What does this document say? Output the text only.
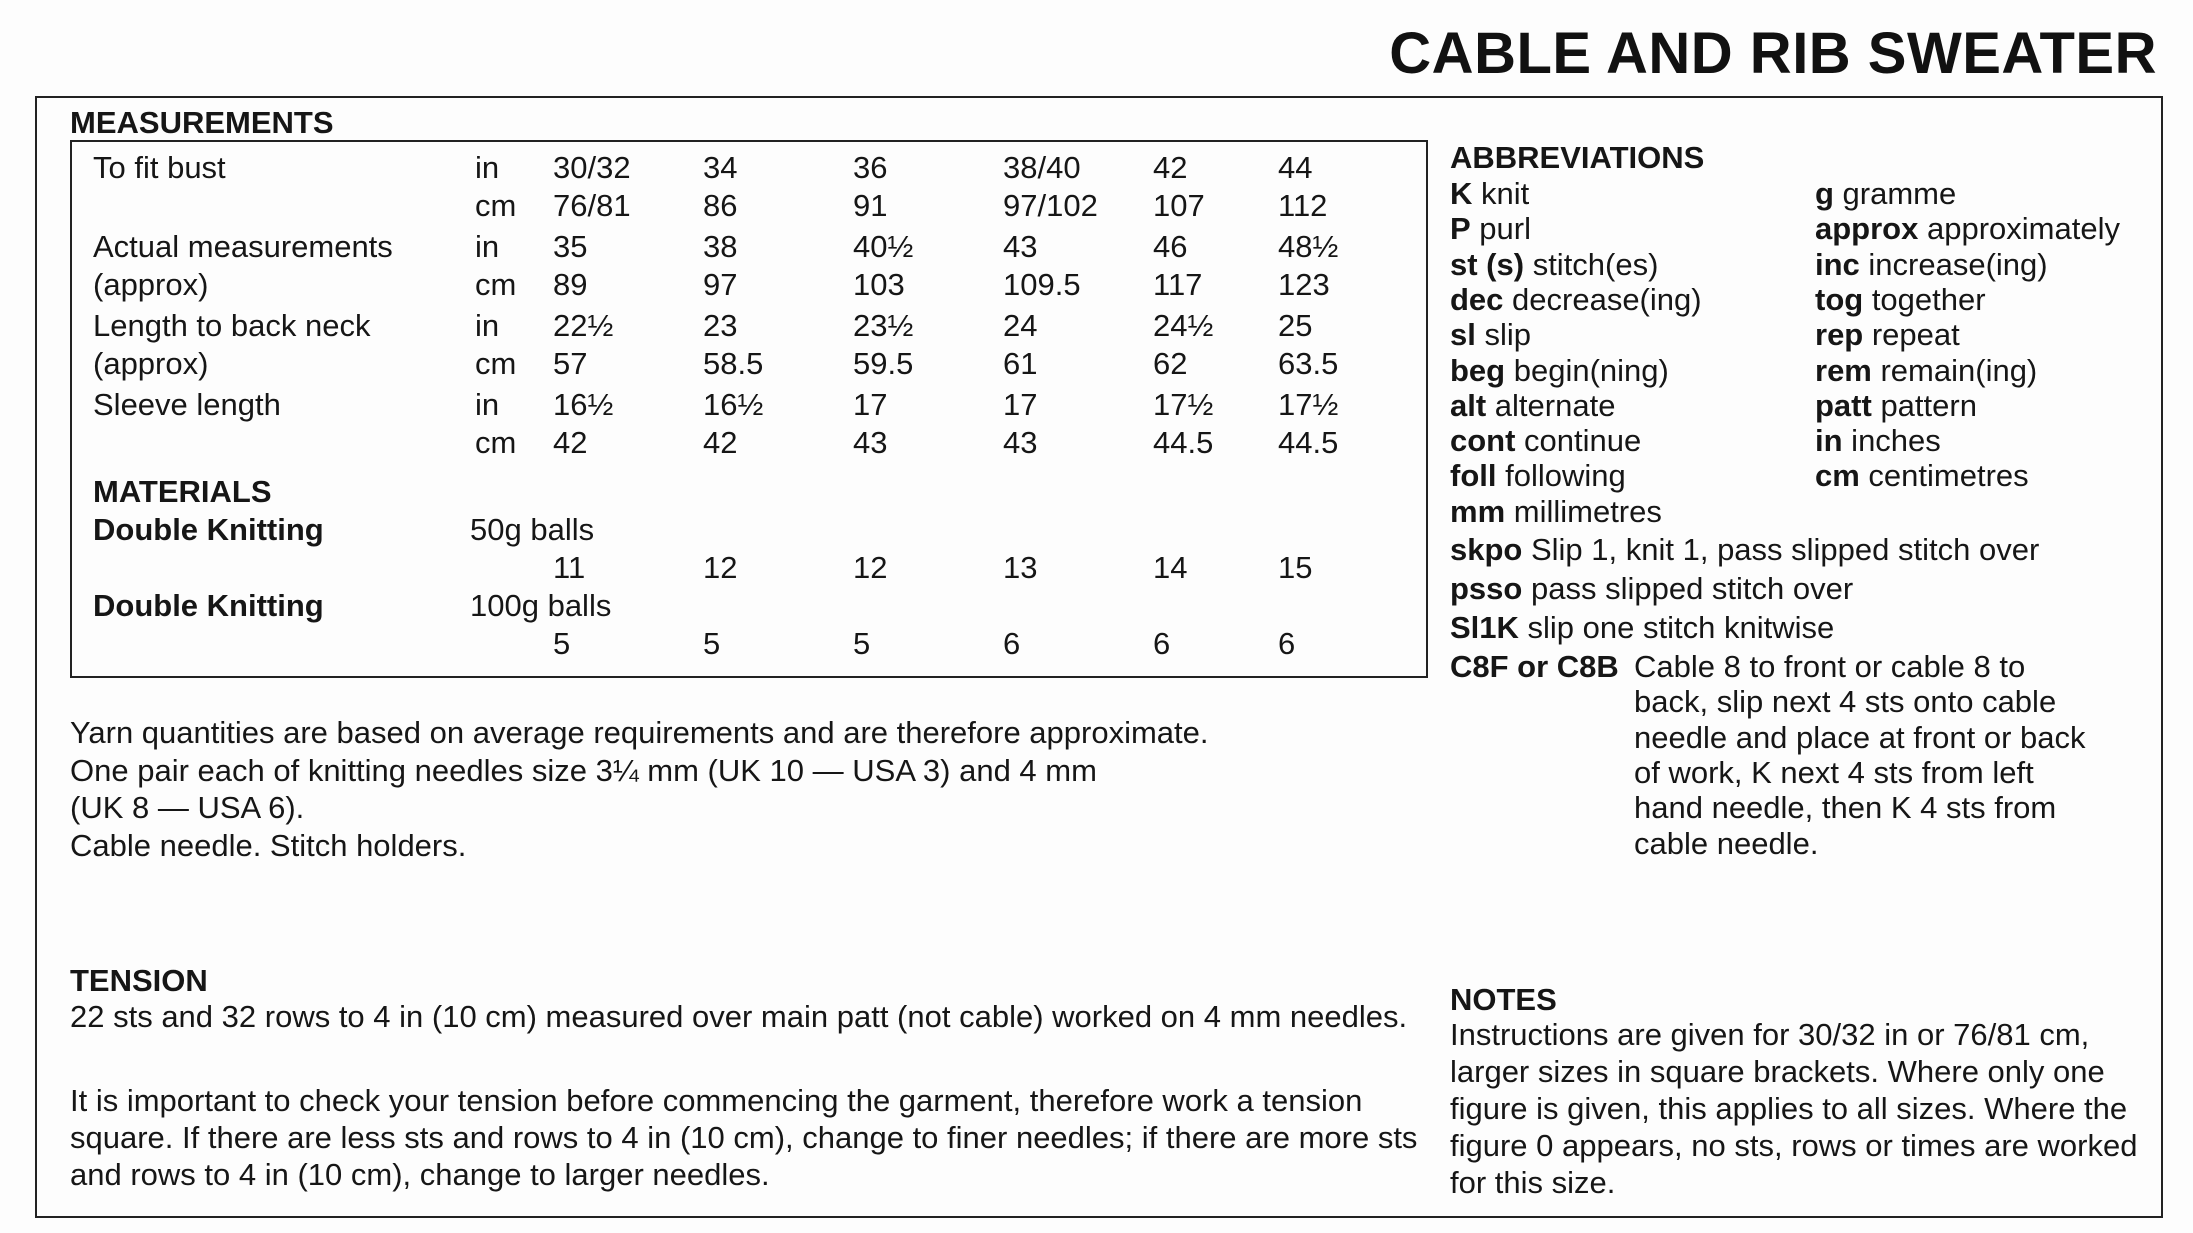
CABLE AND RIB SWEATER
MEASUREMENTS
To fit bust	in 30/32 34	36	38/40 42	44
cm 76/81 86	91	97/102 107 112
Actual measurements	in 35	38	40½	43	46	48½
(approx)	cm 89	97	103	109.5 117 123
Length to back neck	in 22½	23	23½	24	24½ 25
(approx)	cm 57	58.5	59.5	61	62	63.5
Sleeve length	in 16½	16½	17	17	17½ 17½
cm 42	42	43	43	44.5 44.5
MATERIALS
Double Knitting	50g balls
11	12	12	13	14	15
Double Knitting	100g balls
5	5	5	6	6	6
Yarn quantities are based on average requirements and are therefore approximate.
One pair each of knitting needles size 3¼ mm (UK 10 — USA 3) and 4 mm
(UK 8 — USA 6).
Cable needle. Stitch holders.
TENSION
22 sts and 32 rows to 4 in (10 cm) measured over main patt (not cable) worked on 4 mm needles.
It is important to check your tension before commencing the garment, therefore work a tension square. If there are less sts and rows to 4 in (10 cm), change to finer needles; if there are more sts and rows to 4 in (10 cm), change to larger needles.
ABBREVIATIONS
K knit
P purl
st (s) stitch(es)
dec decrease(ing)
sl slip
beg begin(ning)
alt alternate
cont continue
foll following
mm millimetres
g gramme
approx approximately
inc increase(ing)
tog together
rep repeat
rem remain(ing)
patt pattern
in inches
cm centimetres
skpo Slip 1, knit 1, pass slipped stitch over
psso pass slipped stitch over
Sl1K slip one stitch knitwise
C8F or C8B Cable 8 to front or cable 8 to
back, slip next 4 sts onto cable
needle and place at front or back
of work, K next 4 sts from left
hand needle, then K 4 sts from
cable needle.
NOTES
Instructions are given for 30/32 in or 76/81 cm, larger sizes in square brackets. Where only one figure is given, this applies to all sizes. Where the figure 0 appears, no sts, rows or times are worked for this size.
